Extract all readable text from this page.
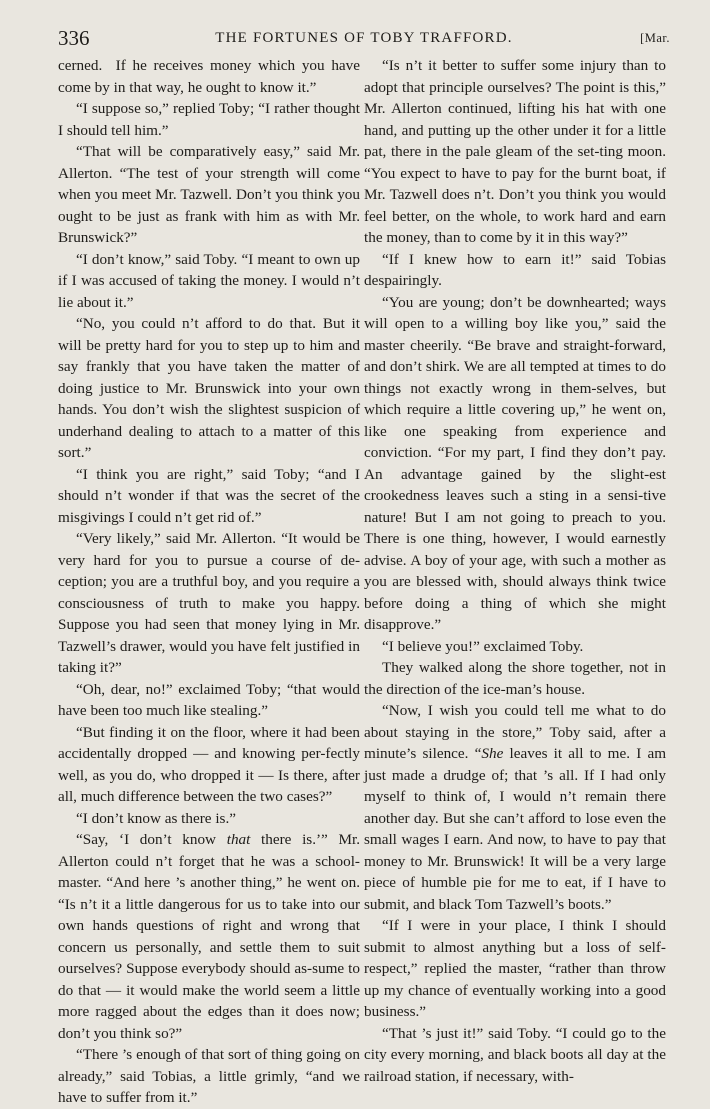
336	THE FORTUNES OF TOBY TRAFFORD.	[Mar.

cerned.  If he receives money which you have come by in that way, he ought to know it.”

“I suppose so,” replied Toby; “I rather thought I should tell him.”

“That will be comparatively easy,” said Mr. Allerton. “The test of your strength will come when you meet Mr. Tazwell. Don’t you think you ought to be just as frank with him as with Mr. Brunswick?”

“I don’t know,” said Toby. “I meant to own up if I was accused of taking the money. I would n’t lie about it.”

“No, you could n’t afford to do that. But it will be pretty hard for you to step up to him and say frankly that you have taken the matter of doing justice to Mr. Brunswick into your own hands. You don’t wish the slightest suspicion of underhand dealing to attach to a matter of this sort.”

“I think you are right,” said Toby; “and I should n’t wonder if that was the secret of the misgivings I could n’t get rid of.”

“Very likely,” said Mr. Allerton. “It would be very hard for you to pursue a course of de-ception; you are a truthful boy, and you require a consciousness of truth to make you happy. Suppose you had seen that money lying in Mr. Tazwell’s drawer, would you have felt justified in taking it?”

“Oh, dear, no!” exclaimed Toby; “that would have been too much like stealing.”

“But finding it on the floor, where it had been accidentally dropped — and knowing per-fectly well, as you do, who dropped it — Is there, after all, much difference between the two cases?”

“I don’t know as there is.”

“Say, ‘I don’t know that there is.’” Mr. Allerton could n’t forget that he was a school-master. “And here ’s another thing,” he went on. “Is n’t it a little dangerous for us to take into our own hands questions of right and wrong that concern us personally, and settle them to suit ourselves? Suppose everybody should as-sume to do that — it would make the world seem a little more ragged about the edges than it does now; don’t you think so?”

“There ’s enough of that sort of thing going on already,” said Tobias, a little grimly, “and we have to suffer from it.”

“Is n’t it better to suffer some injury than to adopt that principle ourselves? The point is this,” Mr. Allerton continued, lifting his hat with one hand, and putting up the other under it for a little pat, there in the pale gleam of the set-ting moon. “You expect to have to pay for the burnt boat, if Mr. Tazwell does n’t. Don’t you think you would feel better, on the whole, to work hard and earn the money, than to come by it in this way?”

“If I knew how to earn it!” said Tobias despairingly.

“You are young; don’t be downhearted; ways will open to a willing boy like you,” said the master cheerily. “Be brave and straight-forward, and don’t shirk. We are all tempted at times to do things not exactly wrong in them-selves, but which require a little covering up,” he went on, like one speaking from experience and conviction. “For my part, I find they don’t pay. An advantage gained by the slight-est crookedness leaves such a sting in a sensi-tive nature! But I am not going to preach to you. There is one thing, however, I would earnestly advise. A boy of your age, with such a mother as you are blessed with, should always think twice before doing a thing of which she might disapprove.”

“I believe you!” exclaimed Toby.

They walked along the shore together, not in the direction of the ice-man’s house.

“Now, I wish you could tell me what to do about staying in the store,” Toby said, after a minute’s silence. “She leaves it all to me. I am just made a drudge of; that ’s all. If I had only myself to think of, I would n’t remain there another day. But she can’t afford to lose even the small wages I earn. And now, to have to pay that money to Mr. Brunswick! It will be a very large piece of humble pie for me to eat, if I have to submit, and black Tom Tazwell’s boots.”

“If I were in your place, I think I should submit to almost anything but a loss of self-respect,” replied the master, “rather than throw up my chance of eventually working into a good business.”

“That ’s just it!” said Toby. “I could go to the city every morning, and black boots all day at the railroad station, if necessary, with-
